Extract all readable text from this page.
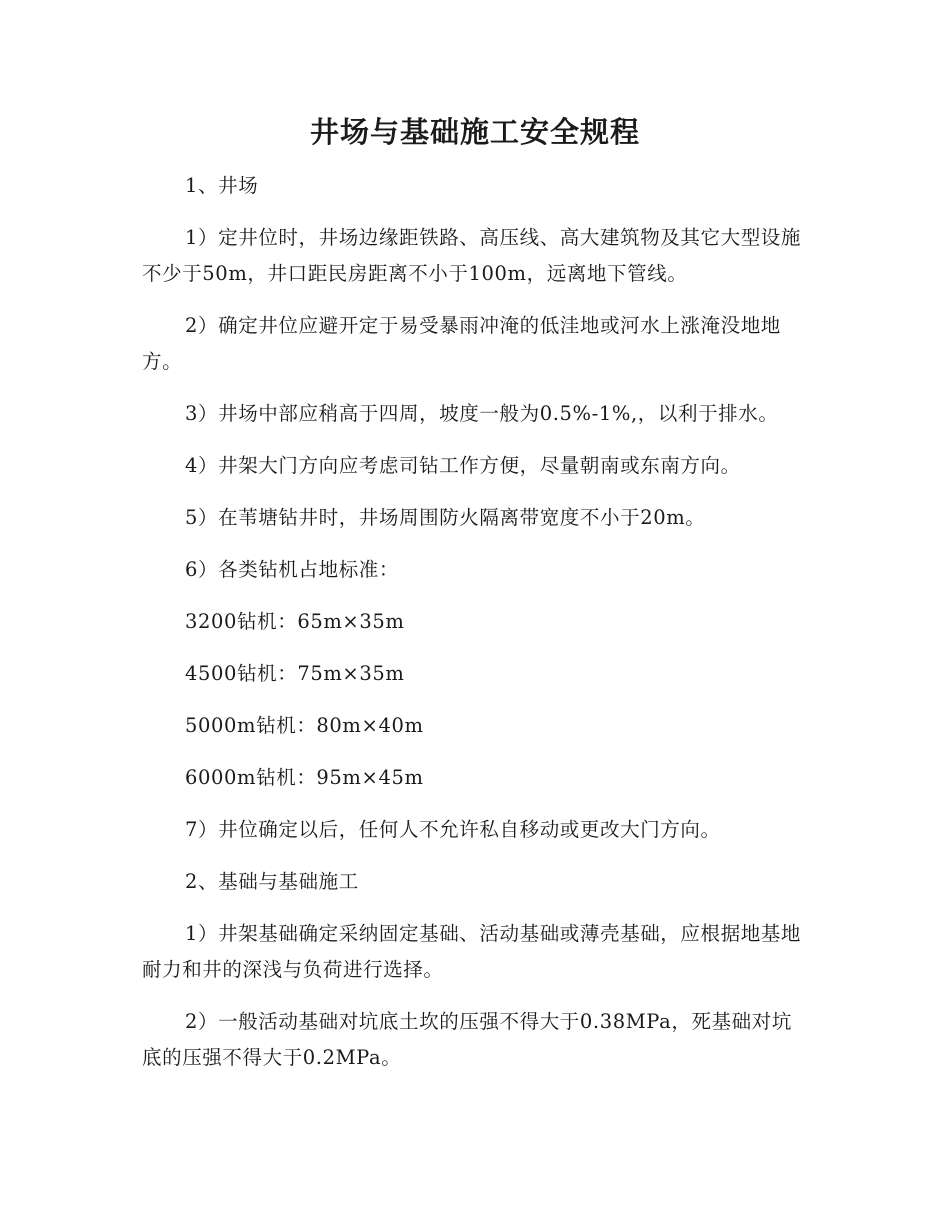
井场与基础施工安全规程

1、井场

1）定井位时，井场边缘距铁路、高压线、高大建筑物及其它大型设施不少于50m，井口距民房距离不小于100m，远离地下管线。

2）确定井位应避开定于易受暴雨冲淹的低洼地或河水上涨淹没地地方。

3）井场中部应稍高于四周，坡度一般为0.5%-1%,，以利于排水。

4）井架大门方向应考虑司钻工作方便，尽量朝南或东南方向。

5）在苇塘钻井时，井场周围防火隔离带宽度不小于20m。

6）各类钻机占地标准：

3200钻机：65m×35m

4500钻机：75m×35m

5000m钻机：80m×40m

6000m钻机：95m×45m

7）井位确定以后，任何人不允许私自移动或更改大门方向。

2、基础与基础施工

1）井架基础确定采纳固定基础、活动基础或薄壳基础，应根据地基地耐力和井的深浅与负荷进行选择。

2）一般活动基础对坑底土坎的压强不得大于0.38MPa，死基础对坑底的压强不得大于0.2MPa。
